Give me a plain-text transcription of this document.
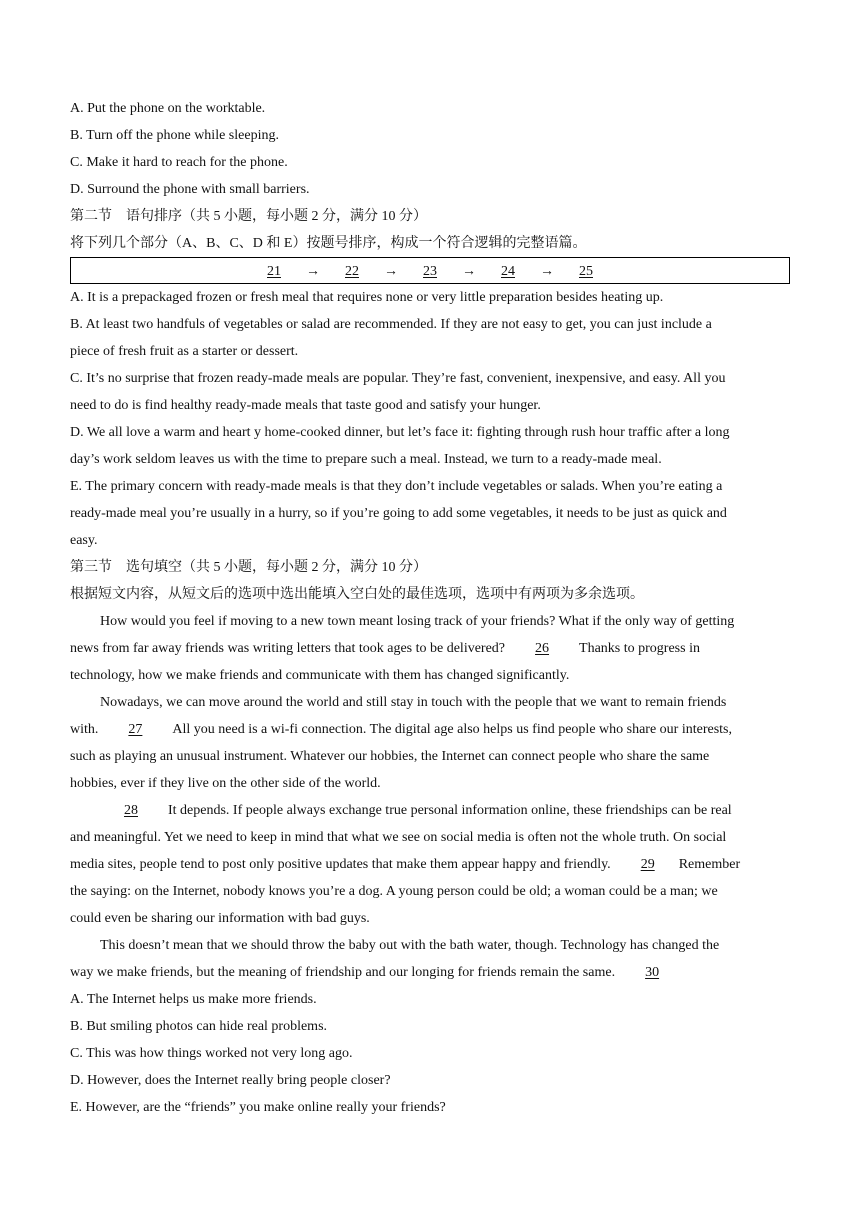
A. Put the phone on the worktable.
B. Turn off the phone while sleeping.
C. Make it hard to reach for the phone.
D. Surround the phone with small barriers.
第二节　语句排序（共 5 小题，每小题 2 分，满分 10 分）
将下列几个部分（A、B、C、D 和 E）按题号排序，构成一个符合逻辑的完整语篇。
21 → 22 → 23 → 24 → 25
A. It is a prepackaged frozen or fresh meal that requires none or very little preparation besides heating up.
B. At least two handfuls of vegetables or salad are recommended. If they are not easy to get, you can just include a
piece of fresh fruit as a starter or dessert.
C. It’s no surprise that frozen ready-made meals are popular. They’re fast, convenient, inexpensive, and easy. All you
need to do is find healthy ready-made meals that taste good and satisfy your hunger.
D. We all love a warm and heart y home-cooked dinner, but let’s face it: fighting through rush hour traffic after a long
day’s work seldom leaves us with the time to prepare such a meal. Instead, we turn to a ready-made meal.
E. The primary concern with ready-made meals is that they don’t include vegetables or salads. When you’re eating a
ready-made meal you’re usually in a hurry, so if you’re going to add some vegetables, it needs to be just as quick and
easy.
第三节　选句填空（共 5 小题，每小题 2 分，满分 10 分）
根据短文内容，从短文后的选项中选出能填入空白处的最佳选项，选项中有两项为多余选项。
How would you feel if moving to a new town meant losing track of your friends? What if the only way of getting
news from far away friends was writing letters that took ages to be delivered? 26 Thanks to progress in
technology, how we make friends and communicate with them has changed significantly.
Nowadays, we can move around the world and still stay in touch with the people that we want to remain friends
with. 27 All you need is a wi-fi connection. The digital age also helps us find people who share our interests,
such as playing an unusual instrument. Whatever our hobbies, the Internet can connect people who share the same
hobbies, ever if they live on the other side of the world.
28 It depends. If people always exchange true personal information online, these friendships can be real
and meaningful. Yet we need to keep in mind that what we see on social media is often not the whole truth. On social
media sites, people tend to post only positive updates that make them appear happy and friendly. 29 Remember
the saying: on the Internet, nobody knows you’re a dog. A young person could be old; a woman could be a man; we
could even be sharing our information with bad guys.
This doesn’t mean that we should throw the baby out with the bath water, though. Technology has changed the
way we make friends, but the meaning of friendship and our longing for friends remain the same. 30
A. The Internet helps us make more friends.
B. But smiling photos can hide real problems.
C. This was how things worked not very long ago.
D. However, does the Internet really bring people closer?
E. However, are the “friends” you make online really your friends?
